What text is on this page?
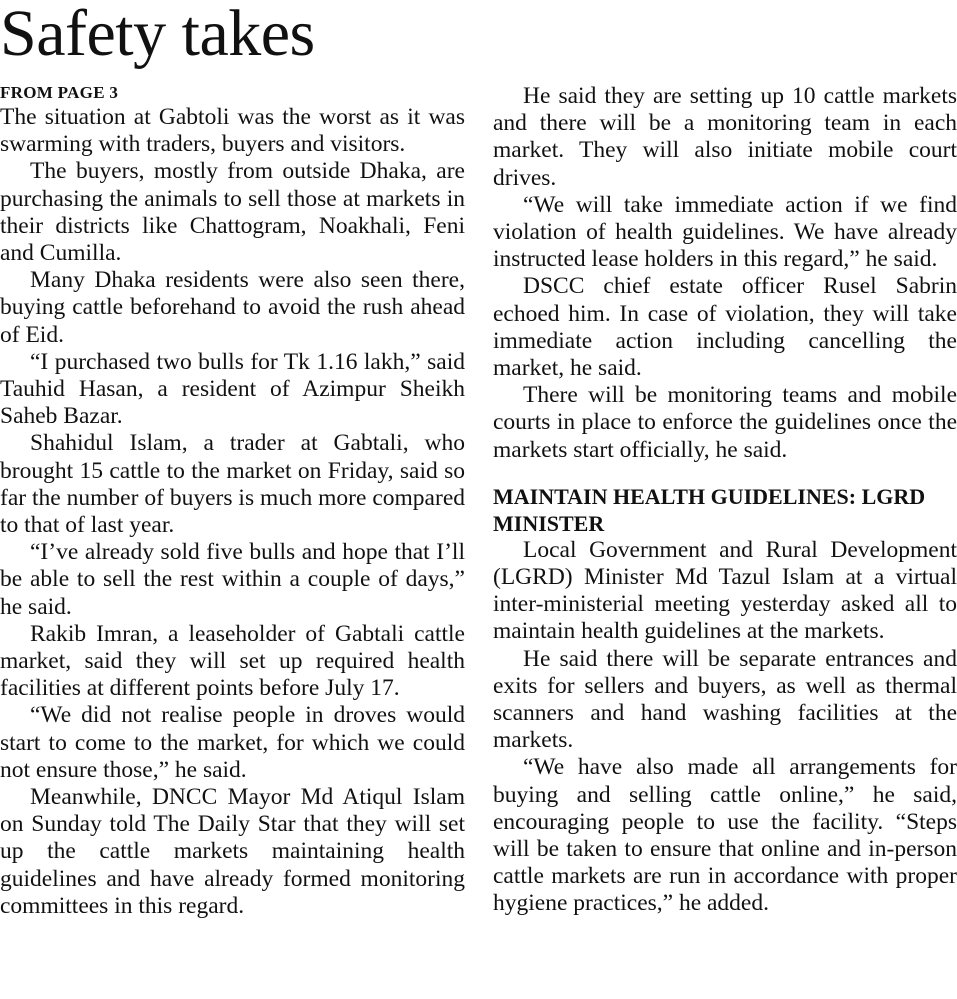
Safety takes
FROM PAGE 3

The situation at Gabtoli was the worst as it was swarming with traders, buyers and visitors.

The buyers, mostly from outside Dhaka, are purchasing the animals to sell those at markets in their districts like Chattogram, Noakhali, Feni and Cumilla.

Many Dhaka residents were also seen there, buying cattle beforehand to avoid the rush ahead of Eid.

“I purchased two bulls for Tk 1.16 lakh,” said Tauhid Hasan, a resident of Azimpur Sheikh Saheb Bazar.

Shahidul Islam, a trader at Gabtali, who brought 15 cattle to the market on Friday, said so far the number of buyers is much more compared to that of last year.

“I’ve already sold five bulls and hope that I’ll be able to sell the rest within a couple of days,” he said.

Rakib Imran, a leaseholder of Gabtali cattle market, said they will set up required health facilities at different points before July 17.

“We did not realise people in droves would start to come to the market, for which we could not ensure those,” he said.

Meanwhile, DNCC Mayor Md Atiqul Islam on Sunday told The Daily Star that they will set up the cattle markets maintaining health guidelines and have already formed monitoring committees in this regard.

He said they are setting up 10 cattle markets and there will be a monitoring team in each market. They will also initiate mobile court drives.

“We will take immediate action if we find violation of health guidelines. We have already instructed lease holders in this regard,” he said.

DSCC chief estate officer Rusel Sabrin echoed him. In case of violation, they will take immediate action including cancelling the market, he said.

There will be monitoring teams and mobile courts in place to enforce the guidelines once the markets start officially, he said.

MAINTAIN HEALTH GUIDELINES: LGRD MINISTER

Local Government and Rural Development (LGRD) Minister Md Tazul Islam at a virtual inter-ministerial meeting yesterday asked all to maintain health guidelines at the markets.

He said there will be separate entrances and exits for sellers and buyers, as well as thermal scanners and hand washing facilities at the markets.

“We have also made all arrangements for buying and selling cattle online,” he said, encouraging people to use the facility. “Steps will be taken to ensure that online and in-person cattle markets are run in accordance with proper hygiene practices,” he added.
